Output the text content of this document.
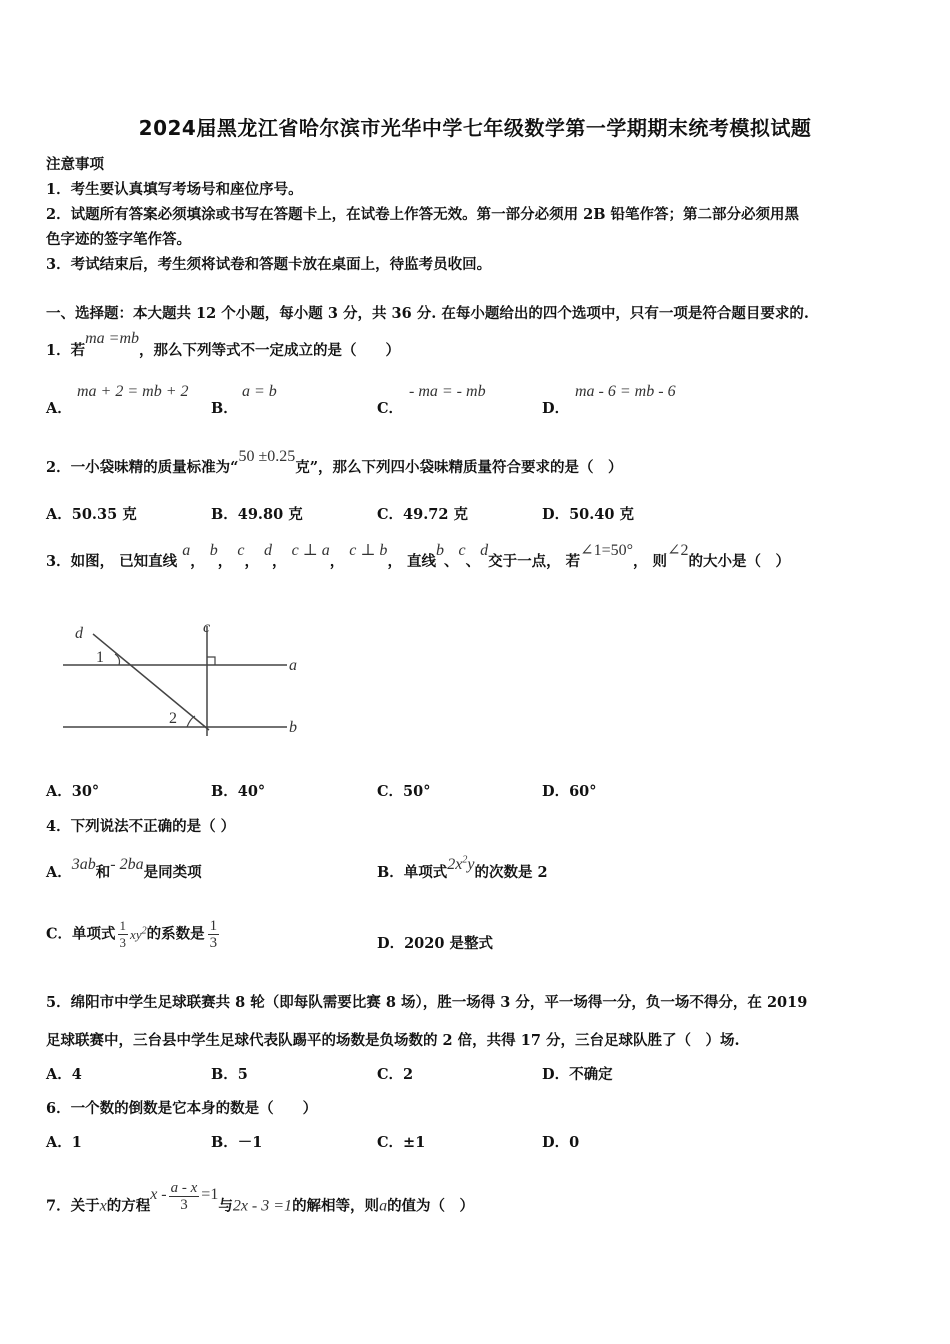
2024届黑龙江省哈尔滨市光华中学七年级数学第一学期期末统考模拟试题
注意事项
1．考生要认真填写考场号和座位序号。
2．试题所有答案必须填涂或书写在答题卡上，在试卷上作答无效。第一部分必须用 2B 铅笔作答；第二部分必须用黑
色字迹的签字笔作答。
3．考试结束后，考生须将试卷和答题卡放在桌面上，待监考员收回。
一、选择题：本大题共 12 个小题，每小题 3 分，共 36 分. 在每小题给出的四个选项中，只有一项是符合题目要求的.
1．若ma =mb，那么下列等式不一定成立的是（　　）
A．
ma + 2 = mb + 2
B．
a = b
C．
- ma = - mb
D．
ma - 6 = mb - 6
2．一小袋味精的质量标准为“50 ±0.25克”，那么下列四小袋味精质量符合要求的是（　）
A．50.35 克	B．49.80 克	C．49.72 克	D．50.40 克
3．如图， 已知直线 a， b， c， d， c ⊥ a， c ⊥ b， 直线b、c、d交于一点， 若∠1=50°， 则∠2的大小是（　）
d	c
a
b
1
2
A．30°	B．40°	C．50°	D．60°
4．下列说法不正确的是（ ）
A．3ab和- 2ba是同类项	B．单项式$2x^2y$的次数是 2
C．单项式 $\frac{1}{3} xy^2$的系数是 $\frac{1}{3}$	D．2020 是整式
5．绵阳市中学生足球联赛共 8 轮（即每队需要比赛 8 场），胜一场得 3 分，平一场得一分，负一场不得分，在 2019
足球联赛中，三台县中学生足球代表队踢平的场数是负场数的 2 倍，共得 17 分，三台足球队胜了（　）场.
A．4	B．5	C．2	D．不确定
6．一个数的倒数是它本身的数是（　　）
A．1	B．－1	C．±1	D．0
7．关于x的方程$x - \frac{a - x}{3} =1$与2x - 3 =1的解相等，则a的值为（　）
